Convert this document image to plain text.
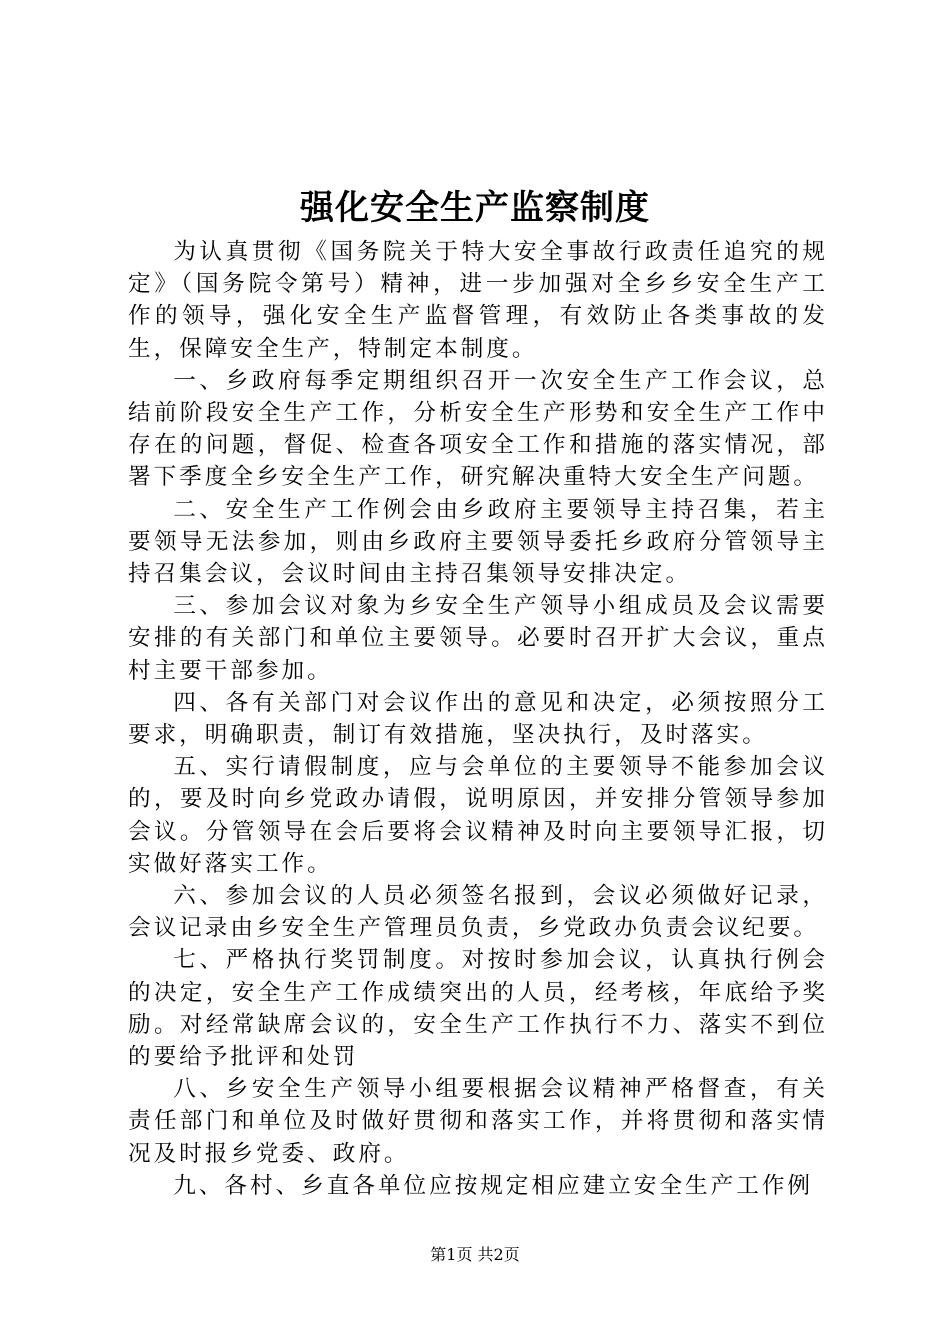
强化安全生产监察制度

为认真贯彻《国务院关于特大安全事故行政责任追究的规定》（国务院令第号）精神，进一步加强对全乡乡安全生产工作的领导，强化安全生产监督管理，有效防止各类事故的发生，保障安全生产，特制定本制度。

一、乡政府每季定期组织召开一次安全生产工作会议，总结前阶段安全生产工作，分析安全生产形势和安全生产工作中存在的问题，督促、检查各项安全工作和措施的落实情况，部署下季度全乡安全生产工作，研究解决重特大安全生产问题。

二、安全生产工作例会由乡政府主要领导主持召集，若主要领导无法参加，则由乡政府主要领导委托乡政府分管领导主持召集会议，会议时间由主持召集领导安排决定。

三、参加会议对象为乡安全生产领导小组成员及会议需要安排的有关部门和单位主要领导。必要时召开扩大会议，重点村主要干部参加。

四、各有关部门对会议作出的意见和决定，必须按照分工要求，明确职责，制订有效措施，坚决执行，及时落实。

五、实行请假制度，应与会单位的主要领导不能参加会议的，要及时向乡党政办请假，说明原因，并安排分管领导参加会议。分管领导在会后要将会议精神及时向主要领导汇报，切实做好落实工作。

六、参加会议的人员必须签名报到，会议必须做好记录，会议记录由乡安全生产管理员负责，乡党政办负责会议纪要。

七、严格执行奖罚制度。对按时参加会议，认真执行例会的决定，安全生产工作成绩突出的人员，经考核，年底给予奖励。对经常缺席会议的，安全生产工作执行不力、落实不到位的要给予批评和处罚

八、乡安全生产领导小组要根据会议精神严格督查，有关责任部门和单位及时做好贯彻和落实工作，并将贯彻和落实情况及时报乡党委、政府。

九、各村、乡直各单位应按规定相应建立安全生产工作例

第1页 共2页
